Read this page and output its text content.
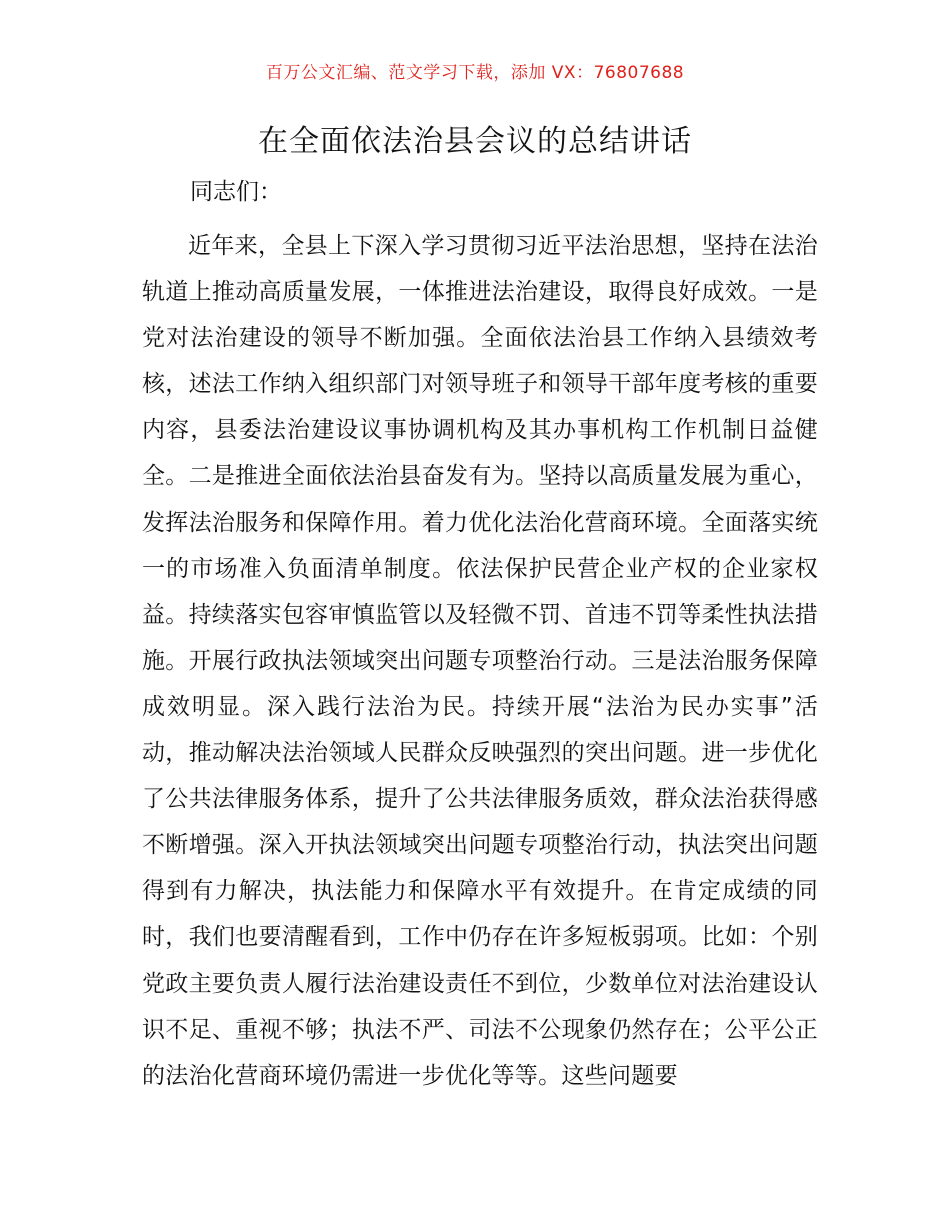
百万公文汇编、范文学习下载，添加 VX：76807688
在全面依法治县会议的总结讲话
同志们：

近年来，全县上下深入学习贯彻习近平法治思想，坚持在法治轨道上推动高质量发展，一体推进法治建设，取得良好成效。一是党对法治建设的领导不断加强。全面依法治县工作纳入县绩效考核，述法工作纳入组织部门对领导班子和领导干部年度考核的重要内容，县委法治建设议事协调机构及其办事机构工作机制日益健全。二是推进全面依法治县奋发有为。坚持以高质量发展为重心，发挥法治服务和保障作用。着力优化法治化营商环境。全面落实统一的市场准入负面清单制度。依法保护民营企业产权的企业家权益。持续落实包容审慎监管以及轻微不罚、首违不罚等柔性执法措施。开展行政执法领域突出问题专项整治行动。三是法治服务保障成效明显。深入践行法治为民。持续开展“法治为民办实事”活动，推动解决法治领域人民群众反映强烈的突出问题。进一步优化了公共法律服务体系，提升了公共法律服务质效，群众法治获得感不断增强。深入开执法领域突出问题专项整治行动，执法突出问题得到有力解决，执法能力和保障水平有效提升。在肯定成绩的同时，我们也要清醒看到，工作中仍存在许多短板弱项。比如：个别党政主要负责人履行法治建设责任不到位，少数单位对法治建设认识不足、重视不够；执法不严、司法不公现象仍然存在；公平公正的法治化营商环境仍需进一步优化等等。这些问题要
